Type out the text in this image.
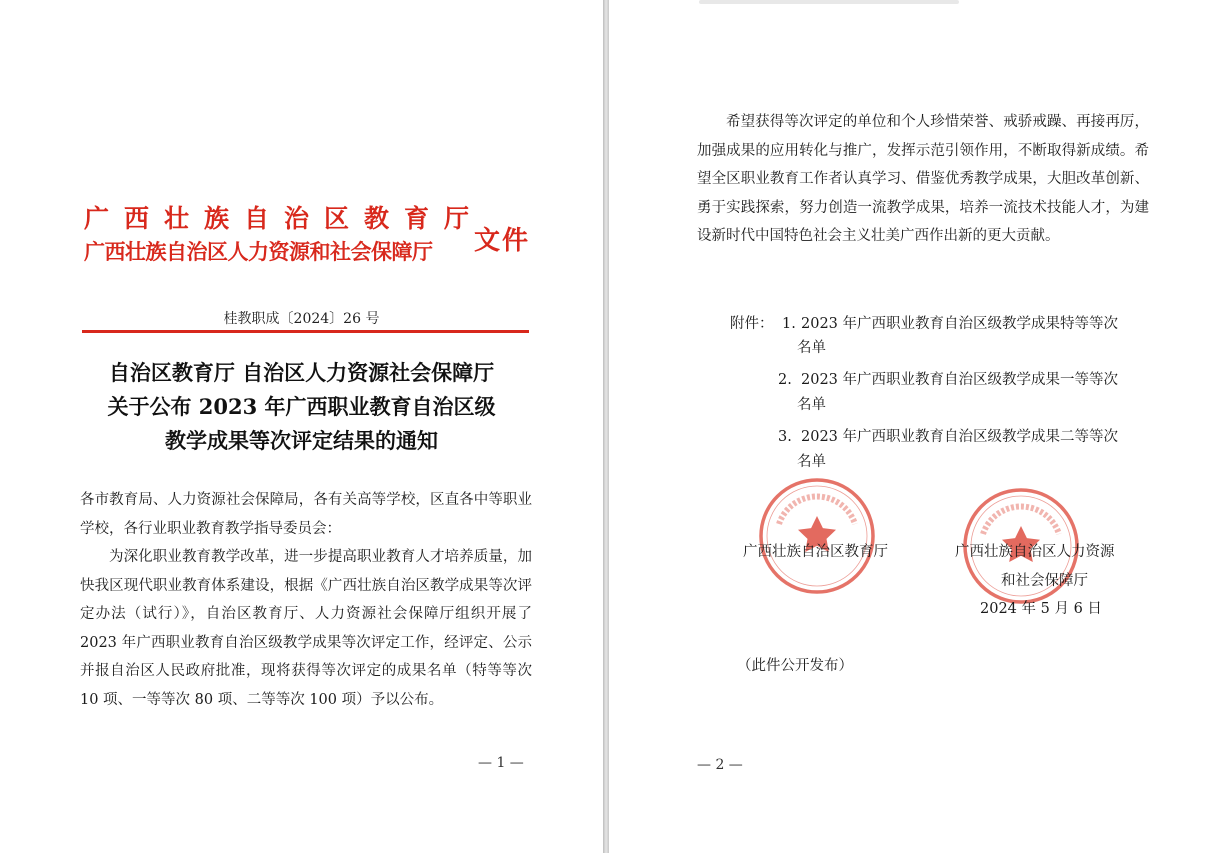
广西壮族自治区教育厅
广西壮族自治区人力资源和社会保障厅	文件
桂教职成〔2024〕26 号
自治区教育厅 自治区人力资源社会保障厅
关于公布 2023 年广西职业教育自治区级
教学成果等次评定结果的通知

各市教育局、人力资源社会保障局，各有关高等学校，区直各中等职业学校，各行业职业教育教学指导委员会：

为深化职业教育教学改革，进一步提高职业教育人才培养质量，加快我区现代职业教育体系建设，根据《广西壮族自治区教学成果等次评定办法（试行）》，自治区教育厅、人力资源社会保障厅组织开展了 2023 年广西职业教育自治区级教学成果等次评定工作，经评定、公示并报自治区人民政府批准，现将获得等次评定的成果名单（特等等次 10 项、一等等次 80 项、二等等次 100 项）予以公布。

— 1 —
希望获得等次评定的单位和个人珍惜荣誉、戒骄戒躁、再接再厉，加强成果的应用转化与推广，发挥示范引领作用，不断取得新成绩。希望全区职业教育工作者认真学习、借鉴优秀教学成果，大胆改革创新、勇于实践探索，努力创造一流教学成果，培养一流技术技能人才，为建设新时代中国特色社会主义壮美广西作出新的更大贡献。
附件： 1. 2023 年广西职业教育自治区级教学成果特等等次
名单
2. 2023 年广西职业教育自治区级教学成果一等等次
名单
3. 2023 年广西职业教育自治区级教学成果二等等次
名单
广西壮族自治区教育厅	广西壮族自治区人力资源
和社会保障厅
2024 年 5 月 6 日
（此件公开发布）
— 2 —
